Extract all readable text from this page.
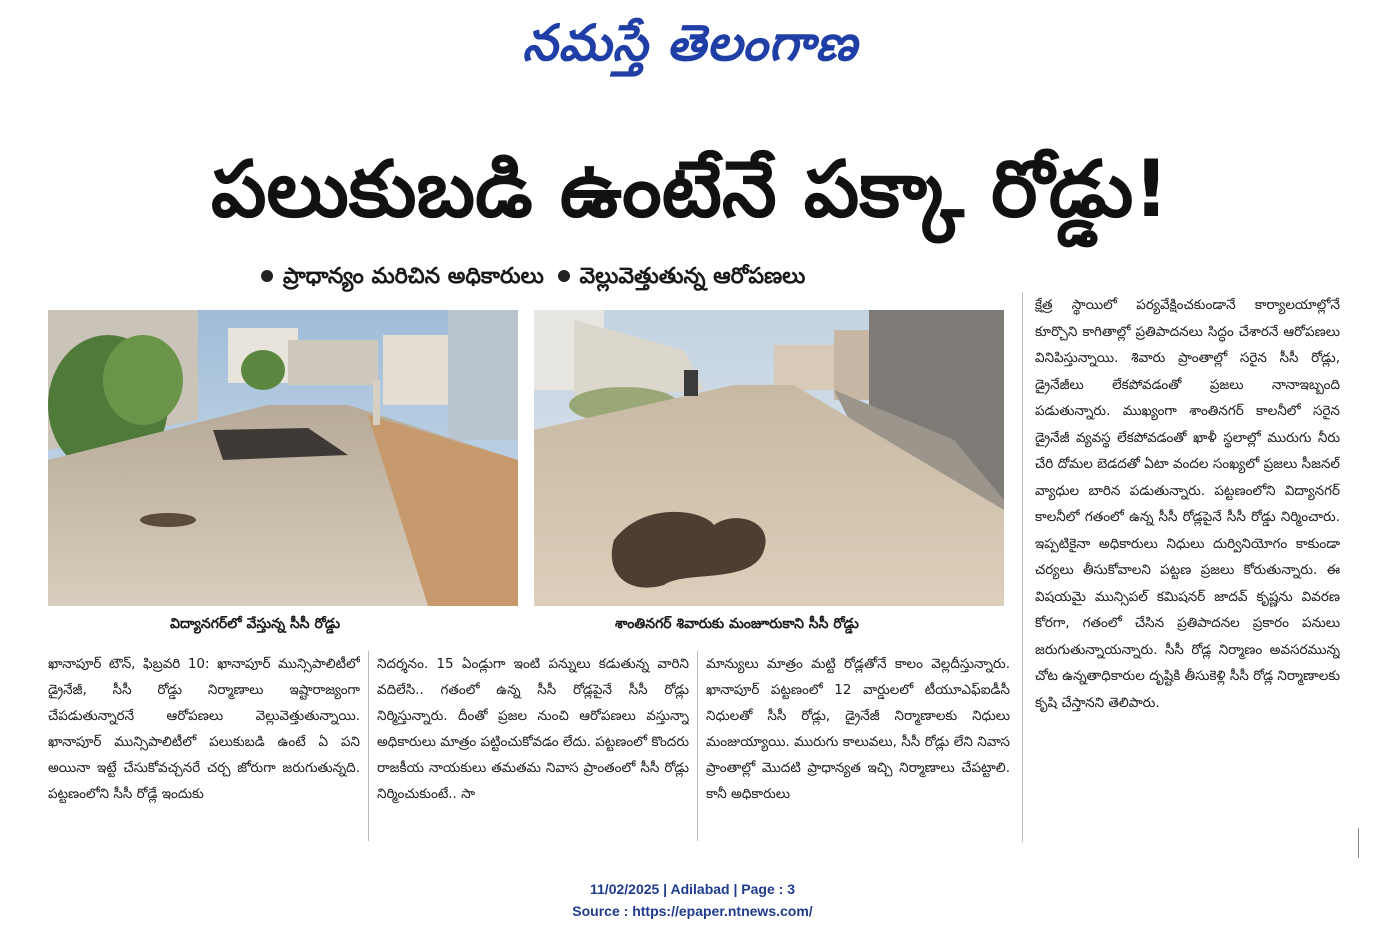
నమస్తే తెలంగాణ
పలుకుబడి ఉంటేనే పక్కా రోడ్డు!
ప్రాధాన్యం మరిచిన అధికారులు వెల్లువెత్తుతున్న ఆరోపణలు
విద్యానగర్‌లో వేస్తున్న సీసీ రోడ్డు	శాంతినగర్ శివారుకు మంజూరుకాని సీసీ రోడ్డు

ఖానాపూర్ టౌన్, ఫిబ్రవరి 10: ఖానాపూర్ మున్సిపాలిటీలో డ్రైనేజీ, సీసీ రోడ్డు నిర్మాణాలు ఇష్టారాజ్యంగా చేపడుతున్నారనే ఆరోపణలు వెల్లువెత్తుతున్నాయి. ఖానాపూర్ మున్సిపాలిటీలో పలుకుబడి ఉంటే ఏ పని అయినా ఇట్టే చేసుకోవచ్చనరే చర్చ జోరుగా జరుగుతున్నది. పట్టణంలోని సీసీ రోడ్లే ఇందుకు

నిదర్శనం. 15 ఏండ్లుగా ఇంటి పన్నులు కడుతున్న వారిని వదిలేసి.. గతంలో ఉన్న సీసీ రోడ్లపైనే సీసీ రోడ్లు నిర్మిస్తున్నారు. దీంతో ప్రజల నుంచి ఆరోపణలు వస్తున్నా అధికారులు మాత్రం పట్టించుకోవడం లేదు. పట్టణంలో కొందరు రాజకీయ నాయకులు తమతమ నివాస ప్రాంతంలో సీసీ రోడ్లు నిర్మించుకుంటే.. సా

మాన్యులు మాత్రం మట్టి రోడ్లతోనే కాలం వెల్లదీస్తున్నారు. ఖానాపూర్ పట్టణంలో 12 వార్డులలో టీయూఎఫ్ఐడీసీ నిధులతో సీసీ రోడ్లు, డ్రైనేజీ నిర్మాణాలకు నిధులు మంజుయ్యాయి. మురుగు కాలువలు, సీసీ రోడ్లు లేని నివాస ప్రాంతాల్లో మొదటి ప్రాధాన్యత ఇచ్చి నిర్మాణాలు చేపట్టాలి. కానీ అధికారులు

క్షేత్ర స్థాయిలో పర్యవేక్షించకుండానే కార్యాలయాల్లోనే కూర్చొని కాగితాల్లో ప్రతిపాదనలు సిద్ధం చేశారనే ఆరోపణలు వినిపిస్తున్నాయి. శివారు ప్రాంతాల్లో సరైన సీసీ రోడ్లు, డ్రైనేజీలు లేకపోవడంతో ప్రజలు నానాఇబ్బంది పడుతున్నారు. ముఖ్యంగా శాంతినగర్ కాలనీలో సరైన డ్రైనేజీ వ్యవస్థ లేకపోవడంతో ఖాళీ స్థలాల్లో మురుగు నీరు చేరి దోమల బెడదతో ఏటా వందల సంఖ్యలో ప్రజలు సీజనల్ వ్యాధుల బారిన పడుతున్నారు. పట్టణంలోని విద్యానగర్ కాలనీలో గతంలో ఉన్న సీసీ రోడ్లపైనే సీసీ రోడ్డు నిర్మించారు. ఇప్పటికైనా అధికారులు నిధులు దుర్వినియోగం కాకుండా చర్యలు తీసుకోవాలని పట్టణ ప్రజలు కోరుతున్నారు. ఈ విషయమై మున్సిపల్ కమిషనర్ జాదవ్ కృష్ణను వివరణ కోరగా, గతంలో చేసిన ప్రతిపాదనల ప్రకారం పనులు జరుగుతున్నాయన్నారు. సీసీ రోడ్ల నిర్మాణం అవసరమున్న చోట ఉన్నతాధికారుల దృష్టికి తీసుకెళ్లి సీసీ రోడ్ల నిర్మాణాలకు కృషి చేస్తానని తెలిపారు.

11/02/2025 | Adilabad | Page : 3
Source : https://epaper.ntnews.com/
